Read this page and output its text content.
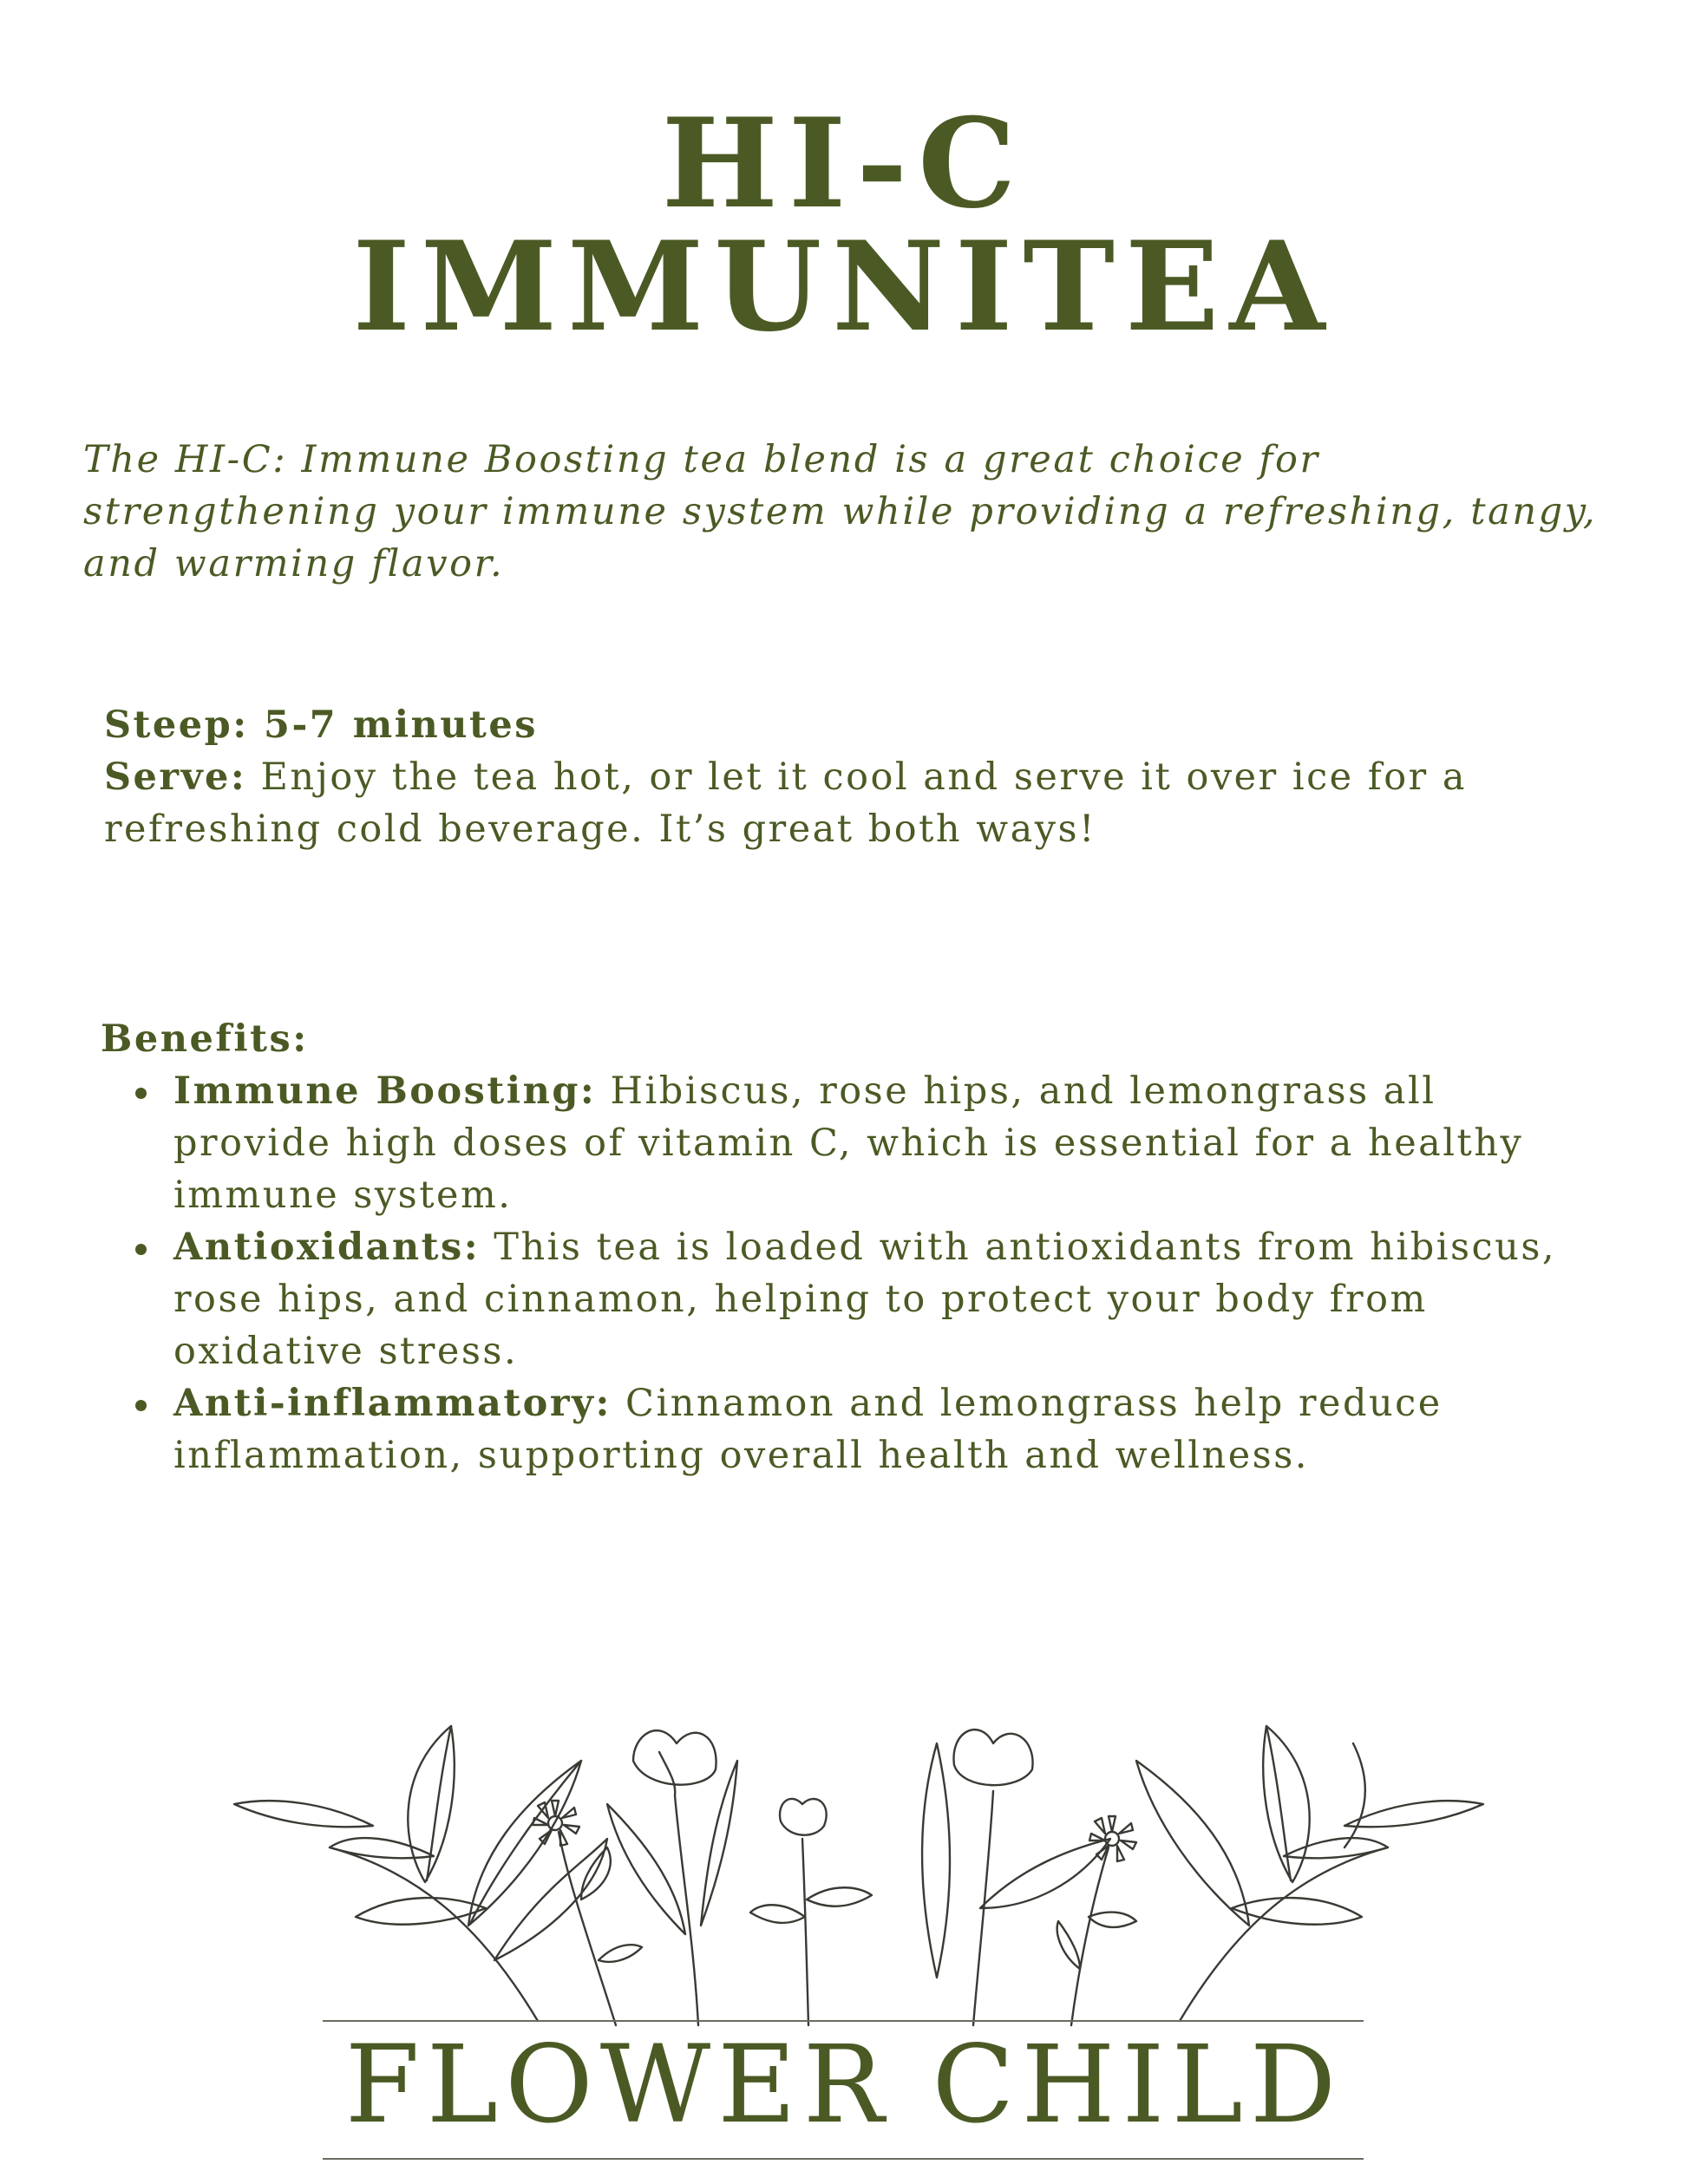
HI-C
IMMUNITEA
The HI-C: Immune Boosting tea blend is a great choice for strengthening your immune system while providing a refreshing, tangy, and warming flavor.
Steep: 5-7 minutes
Serve: Enjoy the tea hot, or let it cool and serve it over ice for a refreshing cold beverage. It’s great both ways!
Benefits:
Immune Boosting: Hibiscus, rose hips, and lemongrass all provide high doses of vitamin C, which is essential for a healthy immune system.
Antioxidants: This tea is loaded with antioxidants from hibiscus, rose hips, and cinnamon, helping to protect your body from oxidative stress.
Anti-inflammatory: Cinnamon and lemongrass help reduce inflammation, supporting overall health and wellness.
FLOWER CHILD
